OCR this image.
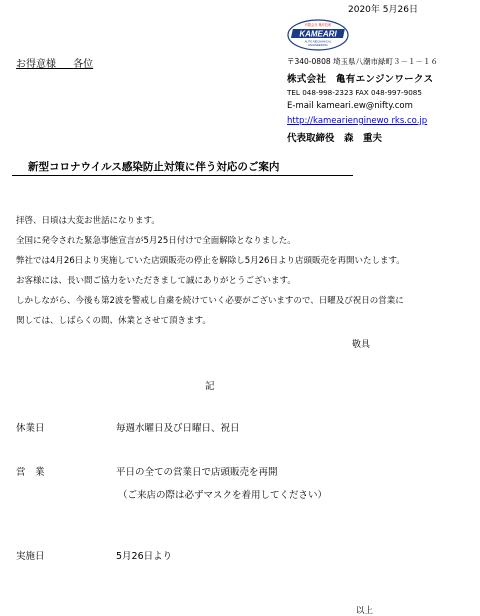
2020年 5月26日
KAMEARI
有限会社 亀有技研
AUTO MECHANICAL
ENGINEERING
お得意様 各位	〒340-0808 埼玉県八潮市緑町３－１－１６
株式会社　亀有エンジンワークス
TEL 048-998-2323 FAX 048-997-9085
E-mail kameari.ew@nifty.com
http://kamearienginewo rks.co.jp
代表取締役　森　重夫
新型コロナウイルス感染防止対策に伴う対応のご案内
拝啓、日頃は大変お世話になります。
全国に発令された緊急事態宣言が5月25日付けで全面解除となりました。
弊社では4月26日より実施していた店頭販売の停止を解除し5月26日より店頭販売を再開いたします。
お客様には、長い間ご協力をいただきまして誠にありがとうございます。
しかしながら、今後も第2波を警戒し自粛を続けていく必要がございますので、日曜及び祝日の営業に
関しては、しばらくの間、休業とさせて頂きます。
敬具
記
休業日	毎週水曜日及び日曜日、祝日
営　業	平日の全ての営業日で店頭販売を再開
（ご来店の際は必ずマスクを着用してください）
実施日	5月26日より
以上
